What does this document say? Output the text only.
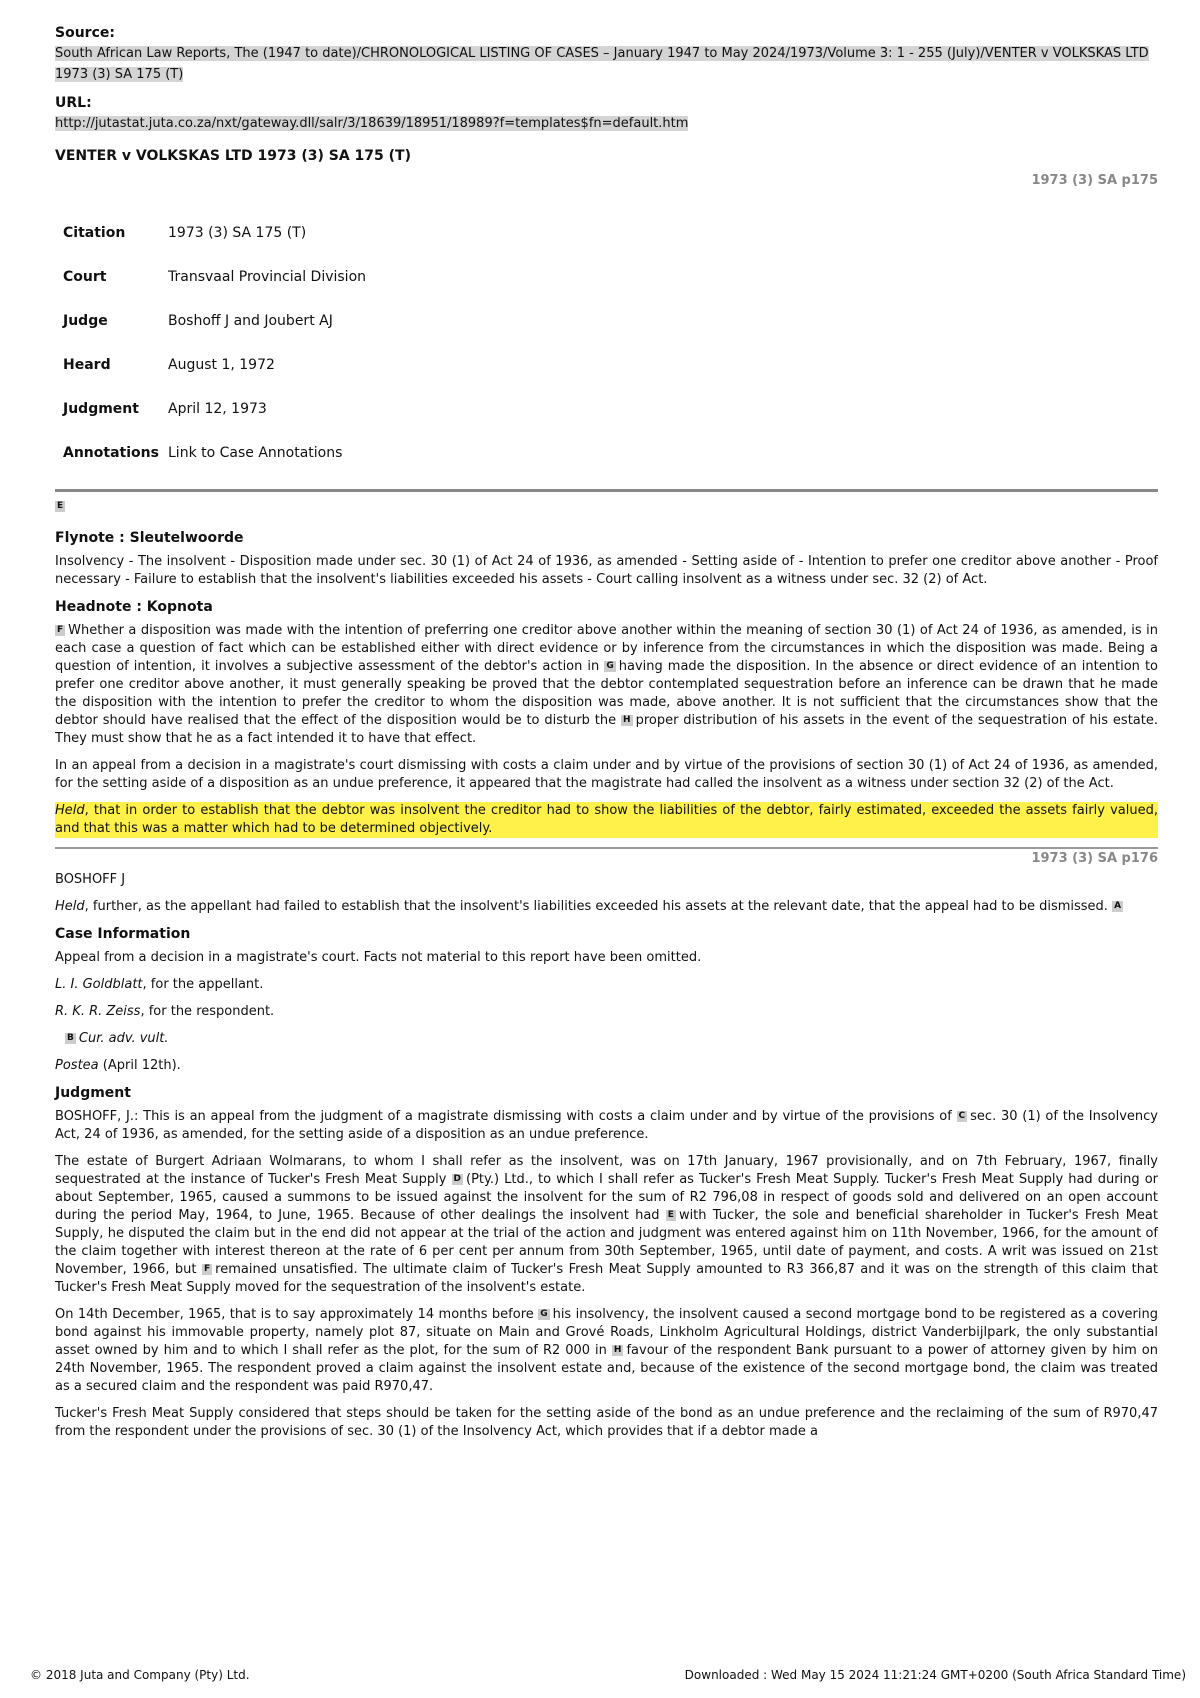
Source:
South African Law Reports, The (1947 to date)/CHRONOLOGICAL LISTING OF CASES – January 1947 to May 2024/1973/Volume 3: 1 - 255 (July)/VENTER v VOLKSKAS LTD 1973 (3) SA 175 (T)
URL:
http://jutastat.juta.co.za/nxt/gateway.dll/salr/3/18639/18951/18989?f=templates$fn=default.htm
VENTER v VOLKSKAS LTD 1973 (3) SA 175 (T)
1973 (3) SA p175
Citation	1973 (3) SA 175 (T)
Court	Transvaal Provincial Division
Judge	Boshoff J and Joubert AJ
Heard	August 1, 1972
Judgment	April 12, 1973
Annotations	Link to Case Annotations
E
Flynote : Sleutelwoorde

Insolvency - The insolvent - Disposition made under sec. 30 (1) of Act 24 of 1936, as amended - Setting aside of - Intention to prefer one creditor above another - Proof necessary - Failure to establish that the insolvent's liabilities exceeded his assets - Court calling insolvent as a witness under sec. 32 (2) of Act.

Headnote : Kopnota

F Whether a disposition was made with the intention of preferring one creditor above another within the meaning of section 30 (1) of Act 24 of 1936, as amended, is in each case a question of fact which can be established either with direct evidence or by inference from the circumstances in which the disposition was made. Being a question of intention, it involves a subjective assessment of the debtor's action in G having made the disposition. In the absence or direct evidence of an intention to prefer one creditor above another, it must generally speaking be proved that the debtor contemplated sequestration before an inference can be drawn that he made the disposition with the intention to prefer the creditor to whom the disposition was made, above another. It is not sufficient that the circumstances show that the debtor should have realised that the effect of the disposition would be to disturb the H proper distribution of his assets in the event of the sequestration of his estate. They must show that he as a fact intended it to have that effect.

In an appeal from a decision in a magistrate's court dismissing with costs a claim under and by virtue of the provisions of section 30 (1) of Act 24 of 1936, as amended, for the setting aside of a disposition as an undue preference, it appeared that the magistrate had called the insolvent as a witness under section 32 (2) of the Act.

Held, that in order to establish that the debtor was insolvent the creditor had to show the liabilities of the debtor, fairly estimated, exceeded the assets fairly valued, and that this was a matter which had to be determined objectively.

1973 (3) SA p176

BOSHOFF J

Held, further, as the appellant had failed to establish that the insolvent's liabilities exceeded his assets at the relevant date, that the appeal had to be dismissed. A

Case Information

Appeal from a decision in a magistrate's court. Facts not material to this report have been omitted.

L. I. Goldblatt, for the appellant.

R. K. R. Zeiss, for the respondent.

B Cur. adv. vult.

Postea (April 12th).

Judgment

BOSHOFF, J.: This is an appeal from the judgment of a magistrate dismissing with costs a claim under and by virtue of the provisions of C sec. 30 (1) of the Insolvency Act, 24 of 1936, as amended, for the setting aside of a disposition as an undue preference.

The estate of Burgert Adriaan Wolmarans, to whom I shall refer as the insolvent, was on 17th January, 1967 provisionally, and on 7th February, 1967, finally sequestrated at the instance of Tucker's Fresh Meat Supply D (Pty.) Ltd., to which I shall refer as Tucker's Fresh Meat Supply. Tucker's Fresh Meat Supply had during or about September, 1965, caused a summons to be issued against the insolvent for the sum of R2 796,08 in respect of goods sold and delivered on an open account during the period May, 1964, to June, 1965. Because of other dealings the insolvent had E with Tucker, the sole and beneficial shareholder in Tucker's Fresh Meat Supply, he disputed the claim but in the end did not appear at the trial of the action and judgment was entered against him on 11th November, 1966, for the amount of the claim together with interest thereon at the rate of 6 per cent per annum from 30th September, 1965, until date of payment, and costs. A writ was issued on 21st November, 1966, but F remained unsatisfied. The ultimate claim of Tucker's Fresh Meat Supply amounted to R3 366,87 and it was on the strength of this claim that Tucker's Fresh Meat Supply moved for the sequestration of the insolvent's estate.

On 14th December, 1965, that is to say approximately 14 months before G his insolvency, the insolvent caused a second mortgage bond to be registered as a covering bond against his immovable property, namely plot 87, situate on Main and Grové Roads, Linkholm Agricultural Holdings, district Vanderbijlpark, the only substantial asset owned by him and to which I shall refer as the plot, for the sum of R2 000 in H favour of the respondent Bank pursuant to a power of attorney given by him on 24th November, 1965. The respondent proved a claim against the insolvent estate and, because of the existence of the second mortgage bond, the claim was treated as a secured claim and the respondent was paid R970,47.

Tucker's Fresh Meat Supply considered that steps should be taken for the setting aside of the bond as an undue preference and the reclaiming of the sum of R970,47 from the respondent under the provisions of sec. 30 (1) of the Insolvency Act, which provides that if a debtor made a

© 2018 Juta and Company (Pty) Ltd.	Downloaded : Wed May 15 2024 11:21:24 GMT+0200 (South Africa Standard Time)
